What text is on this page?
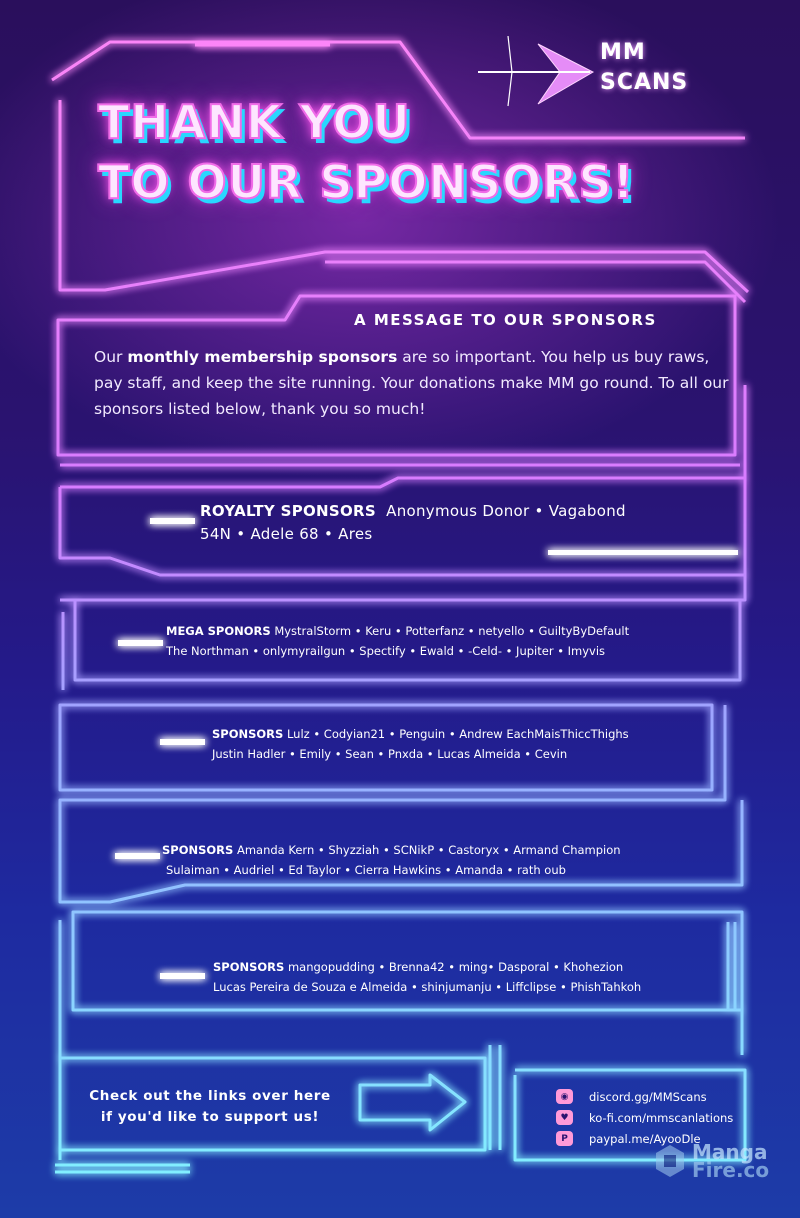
MM
SCANS
THANK YOU
TO OUR SPONSORS!
A MESSAGE TO OUR SPONSORS
Our monthly membership sponsors are so important. You help us buy raws, pay staff, and keep the site running. Your donations make MM go round. To all our sponsors listed below, thank you so much!
ROYALTY SPONSORS Anonymous Donor • Vagabond
54N • Adele 68 • Ares
MEGA SPONORS MystralStorm • Keru • Potterfanz • netyello • GuiltyByDefault
The Northman • onlymyrailgun • Spectify • Ewald • -Celd- • Jupiter • Imyvis
SPONSORS Lulz • Codyian21 • Penguin • Andrew EachMaisThiccThighs
Justin Hadler • Emily • Sean • Pnxda • Lucas Almeida • Cevin
SPONSORS Amanda Kern • Shyzziah • SCNikP • Castoryx • Armand Champion
Sulaiman • Audriel • Ed Taylor • Cierra Hawkins • Amanda • rath oub
SPONSORS mangopudding • Brenna42 • ming• Dasporal • Khohezion
Lucas Pereira de Souza e Almeida • shinjumanju • Liffclipse • PhishTahkoh
Check out the links over here
if you'd like to support us!
◉	discord.gg/MMScans
♥	ko-fi.com/mmscanlations
P	paypal.me/AyooDle
Manga
Fire.co
